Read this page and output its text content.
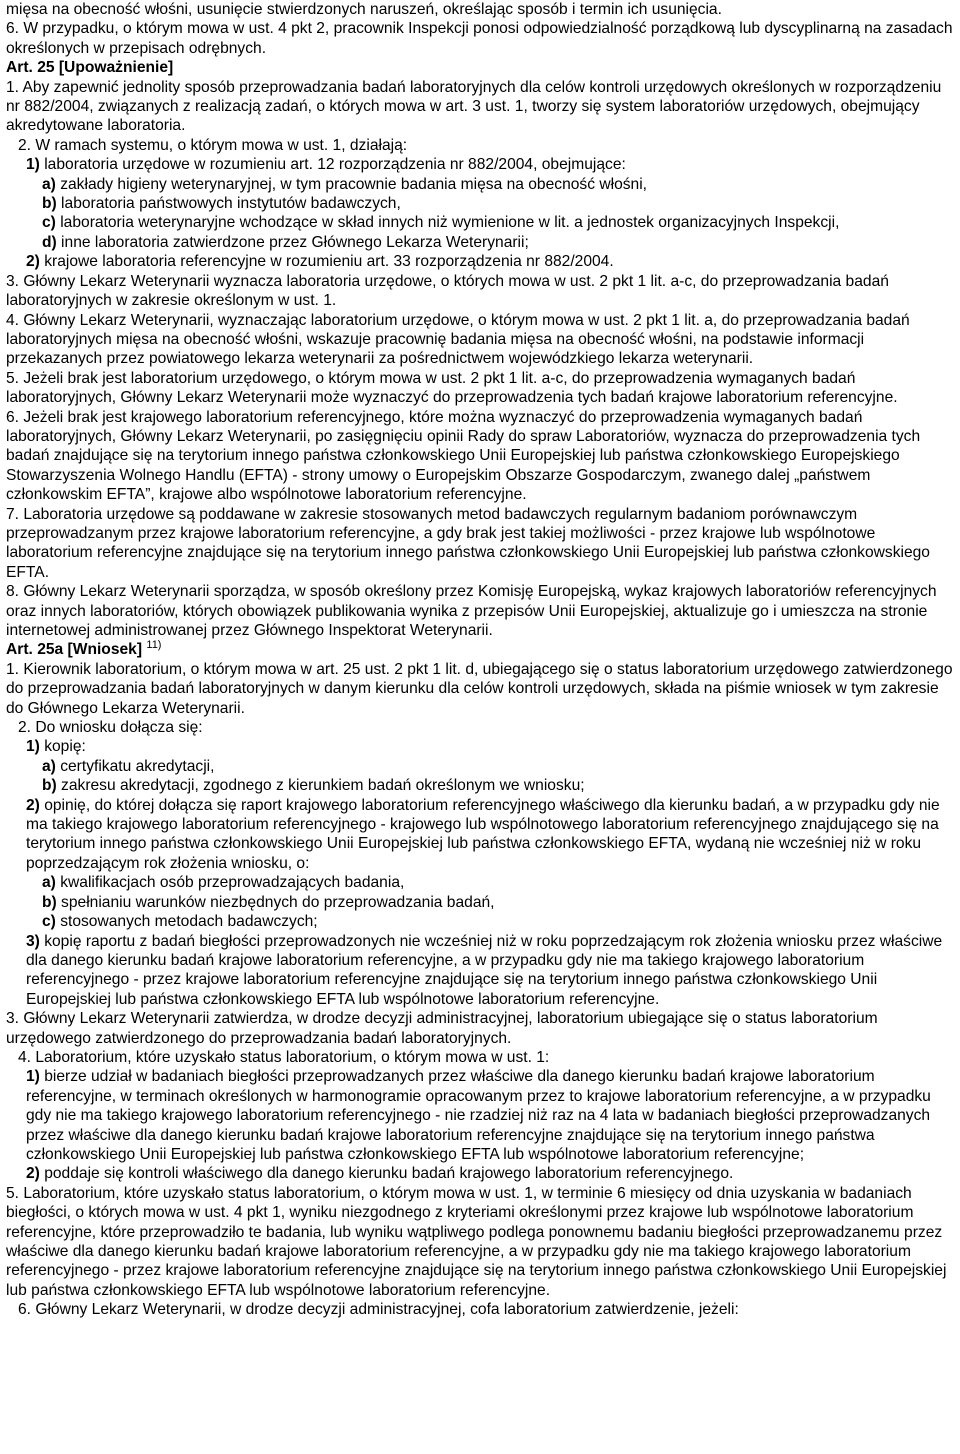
mięsa na obecność włośni, usunięcie stwierdzonych naruszeń, określając sposób i termin ich usunięcia.

6. W przypadku, o którym mowa w ust. 4 pkt 2, pracownik Inspekcji ponosi odpowiedzialność porządkową lub dyscyplinarną na zasadach określonych w przepisach odrębnych.

Art. 25 [Upoważnienie]

1. Aby zapewnić jednolity sposób przeprowadzania badań laboratoryjnych dla celów kontroli urzędowych określonych w rozporządzeniu nr 882/2004, związanych z realizacją zadań, o których mowa w art. 3 ust. 1, tworzy się system laboratoriów urzędowych, obejmujący akredytowane laboratoria.

2. W ramach systemu, o którym mowa w ust. 1, działają:

1) laboratoria urzędowe w rozumieniu art. 12 rozporządzenia nr 882/2004, obejmujące:

a) zakłady higieny weterynaryjnej, w tym pracownie badania mięsa na obecność włośni,

b) laboratoria państwowych instytutów badawczych,

c) laboratoria weterynaryjne wchodzące w skład innych niż wymienione w lit. a jednostek organizacyjnych Inspekcji,

d) inne laboratoria zatwierdzone przez Głównego Lekarza Weterynarii;

2) krajowe laboratoria referencyjne w rozumieniu art. 33 rozporządzenia nr 882/2004.

3. Główny Lekarz Weterynarii wyznacza laboratoria urzędowe, o których mowa w ust. 2 pkt 1 lit. a-c, do przeprowadzania badań laboratoryjnych w zakresie określonym w ust. 1.

4. Główny Lekarz Weterynarii, wyznaczając laboratorium urzędowe, o którym mowa w ust. 2 pkt 1 lit. a, do przeprowadzania badań laboratoryjnych mięsa na obecność włośni, wskazuje pracownię badania mięsa na obecność włośni, na podstawie informacji przekazanych przez powiatowego lekarza weterynarii za pośrednictwem wojewódzkiego lekarza weterynarii.

5. Jeżeli brak jest laboratorium urzędowego, o którym mowa w ust. 2 pkt 1 lit. a-c, do przeprowadzenia wymaganych badań laboratoryjnych, Główny Lekarz Weterynarii może wyznaczyć do przeprowadzenia tych badań krajowe laboratorium referencyjne.

6. Jeżeli brak jest krajowego laboratorium referencyjnego, które można wyznaczyć do przeprowadzenia wymaganych badań laboratoryjnych, Główny Lekarz Weterynarii, po zasięgnięciu opinii Rady do spraw Laboratoriów, wyznacza do przeprowadzenia tych badań znajdujące się na terytorium innego państwa członkowskiego Unii Europejskiej lub państwa członkowskiego Europejskiego Stowarzyszenia Wolnego Handlu (EFTA) - strony umowy o Europejskim Obszarze Gospodarczym, zwanego dalej „państwem członkowskim EFTA”, krajowe albo wspólnotowe laboratorium referencyjne.

7. Laboratoria urzędowe są poddawane w zakresie stosowanych metod badawczych regularnym badaniom porównawczym przeprowadzanym przez krajowe laboratorium referencyjne, a gdy brak jest takiej możliwości - przez krajowe lub wspólnotowe laboratorium referencyjne znajdujące się na terytorium innego państwa członkowskiego Unii Europejskiej lub państwa członkowskiego EFTA.

8. Główny Lekarz Weterynarii sporządza, w sposób określony przez Komisję Europejską, wykaz krajowych laboratoriów referencyjnych oraz innych laboratoriów, których obowiązek publikowania wynika z przepisów Unii Europejskiej, aktualizuje go i umieszcza na stronie internetowej administrowanej przez Głównego Inspektorat Weterynarii.

Art. 25a [Wniosek] $^{11)}$

1. Kierownik laboratorium, o którym mowa w art. 25 ust. 2 pkt 1 lit. d, ubiegającego się o status laboratorium urzędowego zatwierdzonego do przeprowadzania badań laboratoryjnych w danym kierunku dla celów kontroli urzędowych, składa na piśmie wniosek w tym zakresie do Głównego Lekarza Weterynarii.

2. Do wniosku dołącza się:

1) kopię:

a) certyfikatu akredytacji,

b) zakresu akredytacji, zgodnego z kierunkiem badań określonym we wniosku;

2) opinię, do której dołącza się raport krajowego laboratorium referencyjnego właściwego dla kierunku badań, a w przypadku gdy nie ma takiego krajowego laboratorium referencyjnego - krajowego lub wspólnotowego laboratorium referencyjnego znajdującego się na terytorium innego państwa członkowskiego Unii Europejskiej lub państwa członkowskiego EFTA, wydaną nie wcześniej niż w roku poprzedzającym rok złożenia wniosku, o:

a) kwalifikacjach osób przeprowadzających badania,

b) spełnianiu warunków niezbędnych do przeprowadzania badań,

c) stosowanych metodach badawczych;

3) kopię raportu z badań biegłości przeprowadzonych nie wcześniej niż w roku poprzedzającym rok złożenia wniosku przez właściwe dla danego kierunku badań krajowe laboratorium referencyjne, a w przypadku gdy nie ma takiego krajowego laboratorium referencyjnego - przez krajowe laboratorium referencyjne znajdujące się na terytorium innego państwa członkowskiego Unii Europejskiej lub państwa członkowskiego EFTA lub wspólnotowe laboratorium referencyjne.

3. Główny Lekarz Weterynarii zatwierdza, w drodze decyzji administracyjnej, laboratorium ubiegające się o status laboratorium urzędowego zatwierdzonego do przeprowadzania badań laboratoryjnych.

4. Laboratorium, które uzyskało status laboratorium, o którym mowa w ust. 1:

1) bierze udział w badaniach biegłości przeprowadzanych przez właściwe dla danego kierunku badań krajowe laboratorium referencyjne, w terminach określonych w harmonogramie opracowanym przez to krajowe laboratorium referencyjne, a w przypadku gdy nie ma takiego krajowego laboratorium referencyjnego - nie rzadziej niż raz na 4 lata w badaniach biegłości przeprowadzanych przez właściwe dla danego kierunku badań krajowe laboratorium referencyjne znajdujące się na terytorium innego państwa członkowskiego Unii Europejskiej lub państwa członkowskiego EFTA lub wspólnotowe laboratorium referencyjne;

2) poddaje się kontroli właściwego dla danego kierunku badań krajowego laboratorium referencyjnego.

5. Laboratorium, które uzyskało status laboratorium, o którym mowa w ust. 1, w terminie 6 miesięcy od dnia uzyskania w badaniach biegłości, o których mowa w ust. 4 pkt 1, wyniku niezgodnego z kryteriami określonymi przez krajowe lub wspólnotowe laboratorium referencyjne, które przeprowadziło te badania, lub wyniku wątpliwego podlega ponownemu badaniu biegłości przeprowadzanemu przez właściwe dla danego kierunku badań krajowe laboratorium referencyjne, a w przypadku gdy nie ma takiego krajowego laboratorium referencyjnego - przez krajowe laboratorium referencyjne znajdujące się na terytorium innego państwa członkowskiego Unii Europejskiej lub państwa członkowskiego EFTA lub wspólnotowe laboratorium referencyjne.

6. Główny Lekarz Weterynarii, w drodze decyzji administracyjnej, cofa laboratorium zatwierdzenie, jeżeli:
